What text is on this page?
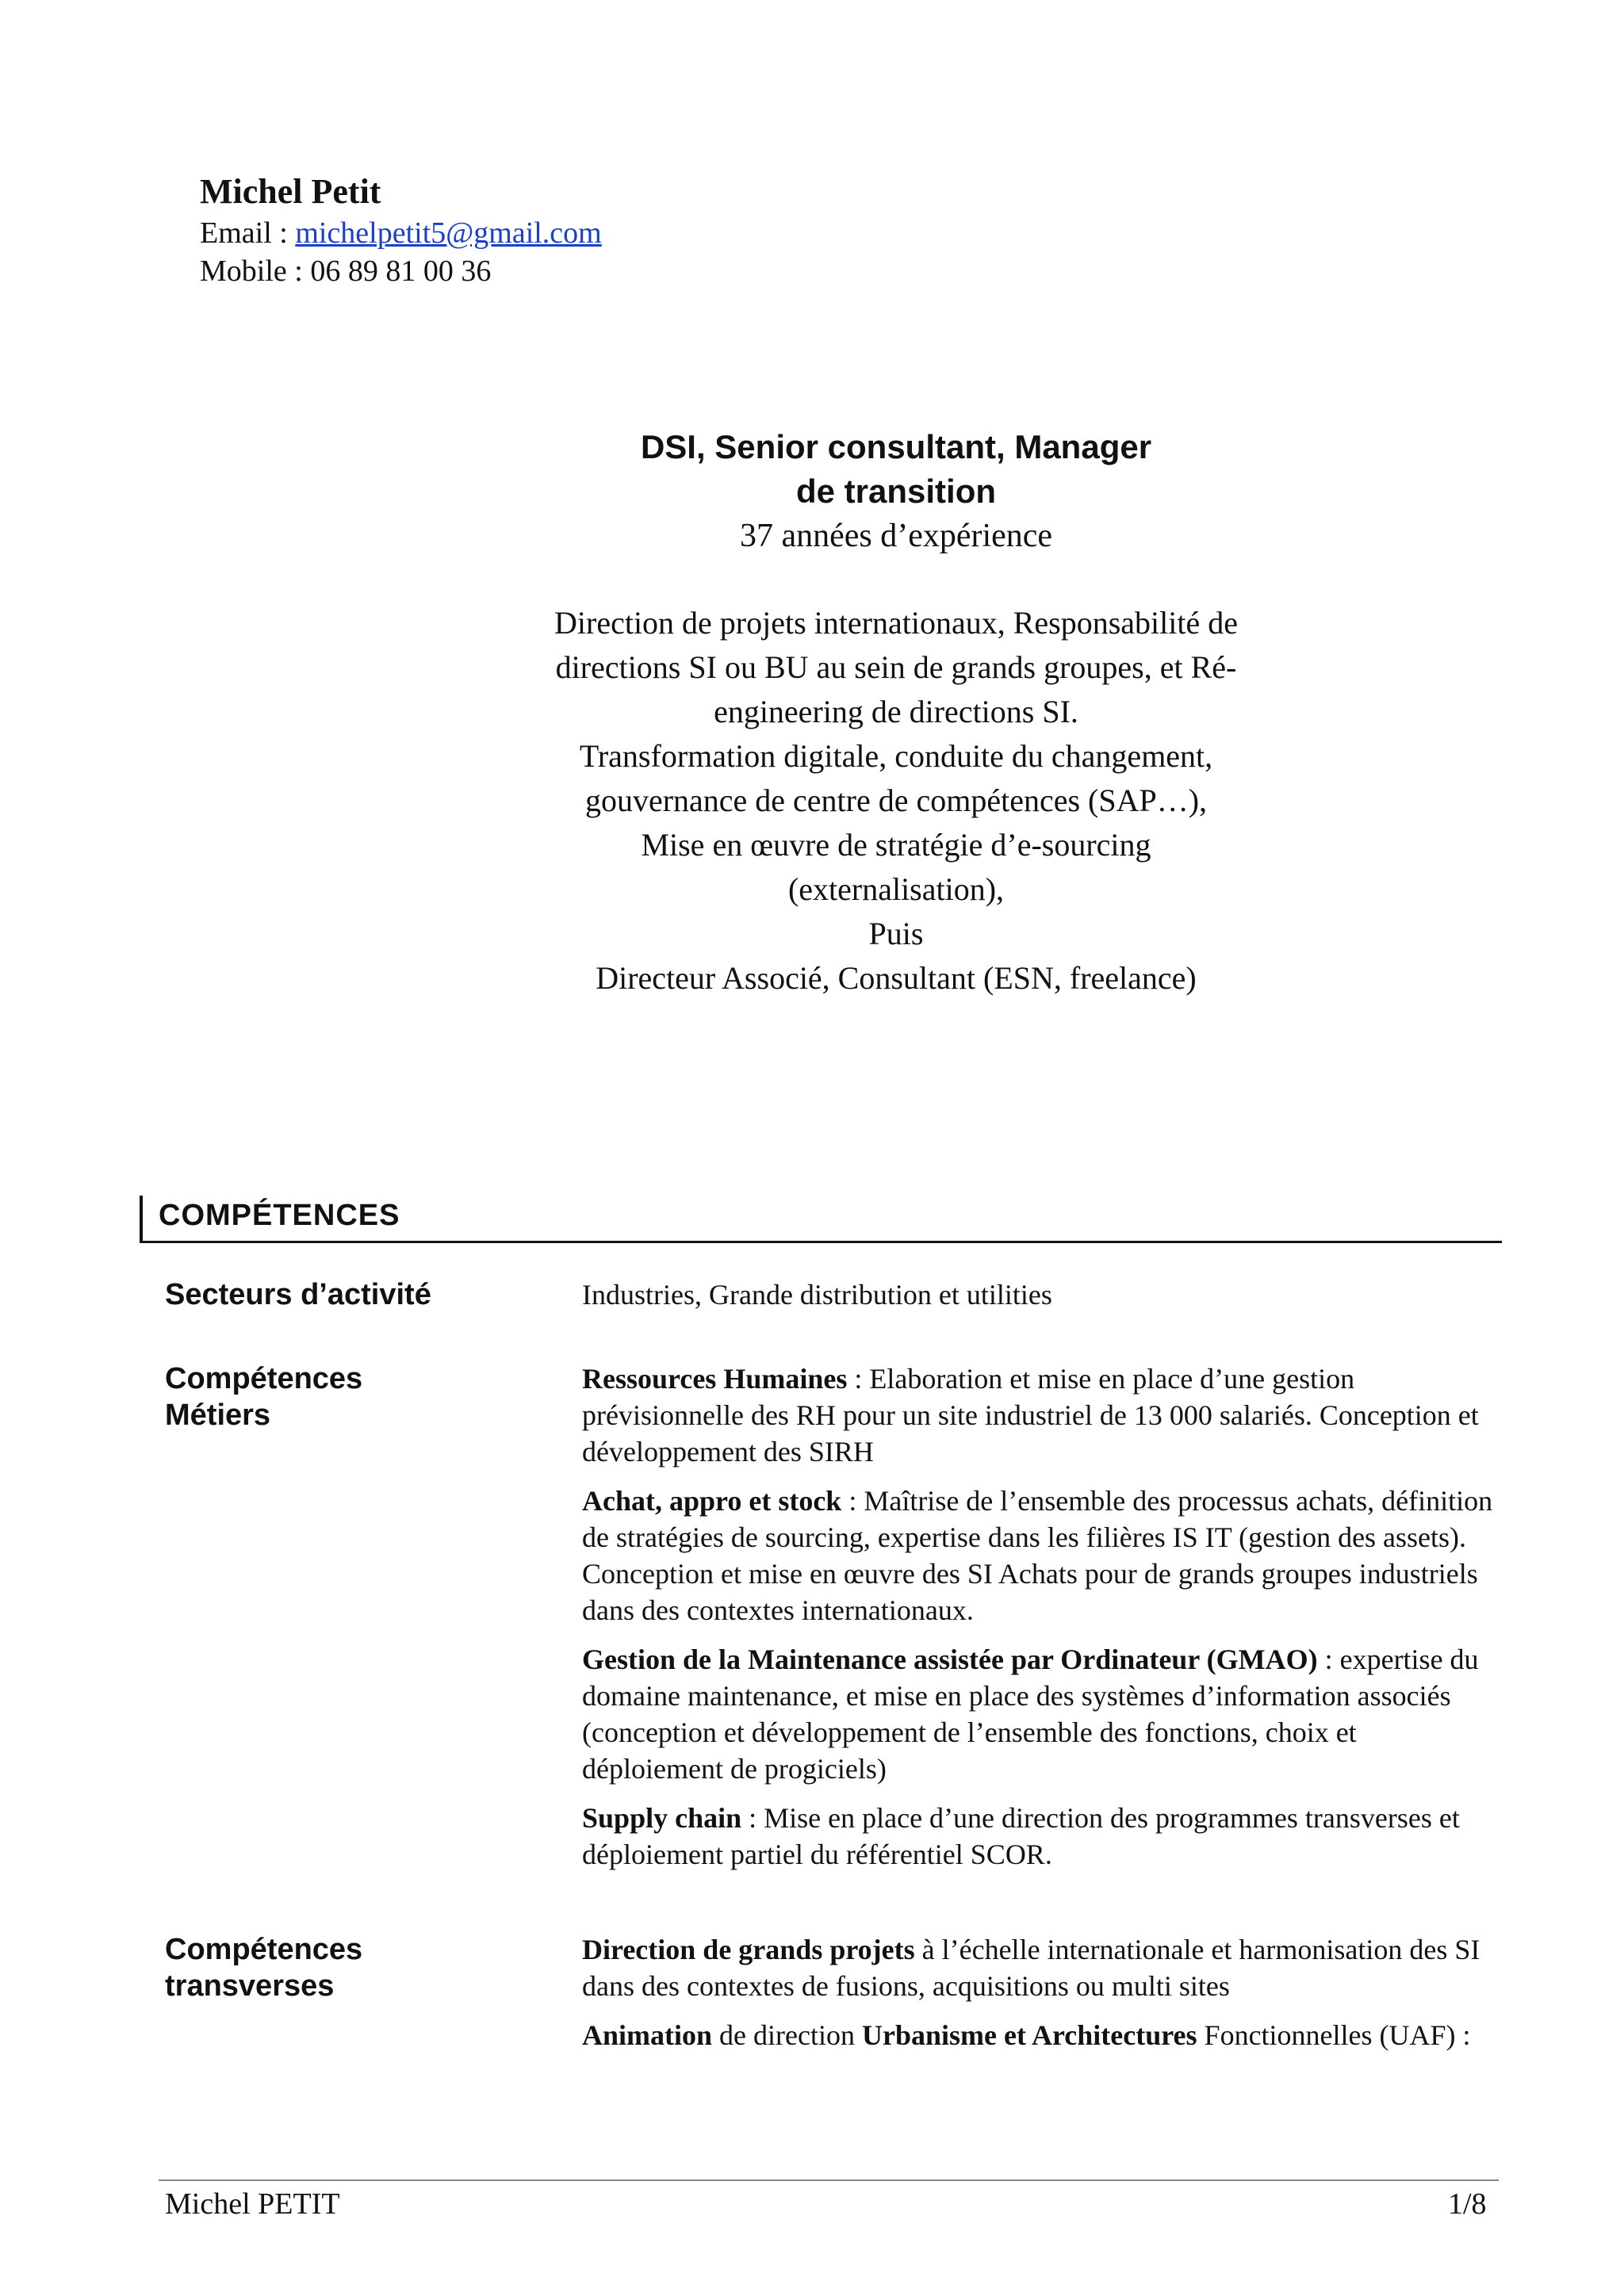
Michel Petit
Email : michelpetit5@gmail.com
Mobile : 06 89 81 00 36
DSI, Senior consultant, Manager de transition
37 années d’expérience

Direction de projets internationaux, Responsabilité de directions SI ou BU au sein de grands groupes, et Ré-engineering de directions SI.

Transformation digitale, conduite du changement, gouvernance de centre de compétences (SAP…),

Mise en œuvre de stratégie d’e-sourcing (externalisation),

Puis

Directeur Associé, Consultant (ESN, freelance)

COMPÉTENCES
Secteurs d’activité	Industries, Grande distribution et utilities
Compétences
Métiers
Ressources Humaines : Elaboration et mise en place d’une gestion prévisionnelle des RH pour un site industriel de 13 000 salariés. Conception et développement des SIRH
Achat, appro et stock : Maîtrise de l’ensemble des processus achats, définition de stratégies de sourcing, expertise dans les filières IS IT (gestion des assets). Conception et mise en œuvre des SI Achats pour de grands groupes industriels dans des contextes internationaux.
Gestion de la Maintenance assistée par Ordinateur (GMAO) : expertise du domaine maintenance, et mise en place des systèmes d’information associés (conception et développement de l’ensemble des fonctions, choix et déploiement de progiciels)
Supply chain : Mise en place d’une direction des programmes transverses et déploiement partiel du référentiel SCOR.
Compétences
transverses
Direction de grands projets à l’échelle internationale et harmonisation des SI dans des contextes de fusions, acquisitions ou multi sites
Animation de direction Urbanisme et Architectures Fonctionnelles (UAF) :
Michel PETIT	1/8
